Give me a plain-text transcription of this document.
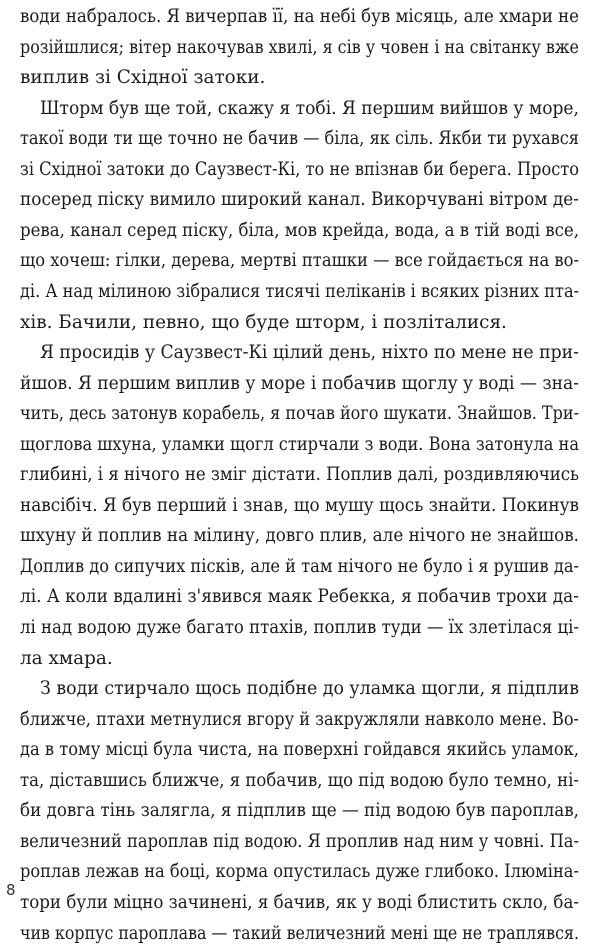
води набралось. Я вичерпав її, на небі був місяць, але хмари не
розійшлися; вітер накочував хвилі, я сів у човен і на світанку вже
виплив зі Східної затоки.
Шторм був ще той, скажу я тобі. Я першим вийшов у море,
такої води ти ще точно не бачив — біла, як сіль. Якби ти рухався
зі Східної затоки до Саузвест-Кі, то не впізнав би берега. Просто
посеред піску вимило широкий канал. Викорчувані вітром де-
рева, канал серед піску, біла, мов крейда, вода, а в тій воді все,
що хочеш: гілки, дерева, мертві пташки — все гойдається на во-
ді. А над мілиною зібралися тисячі пеліканів і всяких різних птa-
хів. Бачили, певно, що буде шторм, і позліталися.
Я просидів у Саузвест-Кі цілий день, ніхто по мене не при-
йшов. Я першим виплив у море і побачив щоглу у воді — зна-
чить, десь затонув корабель, я почав його шукати. Знайшов. Три-
щоглова шхуна, уламки щогл стирчали з води. Вона затонула на
глибині, і я нічого не зміг дістати. Поплив далі, роздивляючись
навсібіч. Я був перший і знав, що мушу щось знайти. Покинув
шхуну й поплив на мілину, довго плив, але нічого не знайшов.
Доплив до сипучих пісків, але й там нічого не було і я рушив да-
лі. А коли вдалині з'явився маяк Ребекка, я побачив трохи да-
лі над водою дуже багато птахів, поплив туди — їх злетілася ці-
ла хмара.
З води стирчало щось подібне до уламка щогли, я підплив
ближче, птахи метнулися вгору й закружляли навколо мене. Во-
да в тому місці була чиста, на поверхні гойдався якийсь уламок,
та, діставшись ближче, я побачив, що під водою було темно, ні-
би довга тінь залягла, я підплив ще — під водою був пароплав,
величезний пароплав під водою. Я проплив над ним у човні. Па-
роплав лежав на боці, корма опустилась дуже глибоко. Ілюміна-
тори були міцно зачинені, я бачив, як у воді блистить скло, ба-
чив корпус пароплава — такий величезний мені ще не траплявся.
8
